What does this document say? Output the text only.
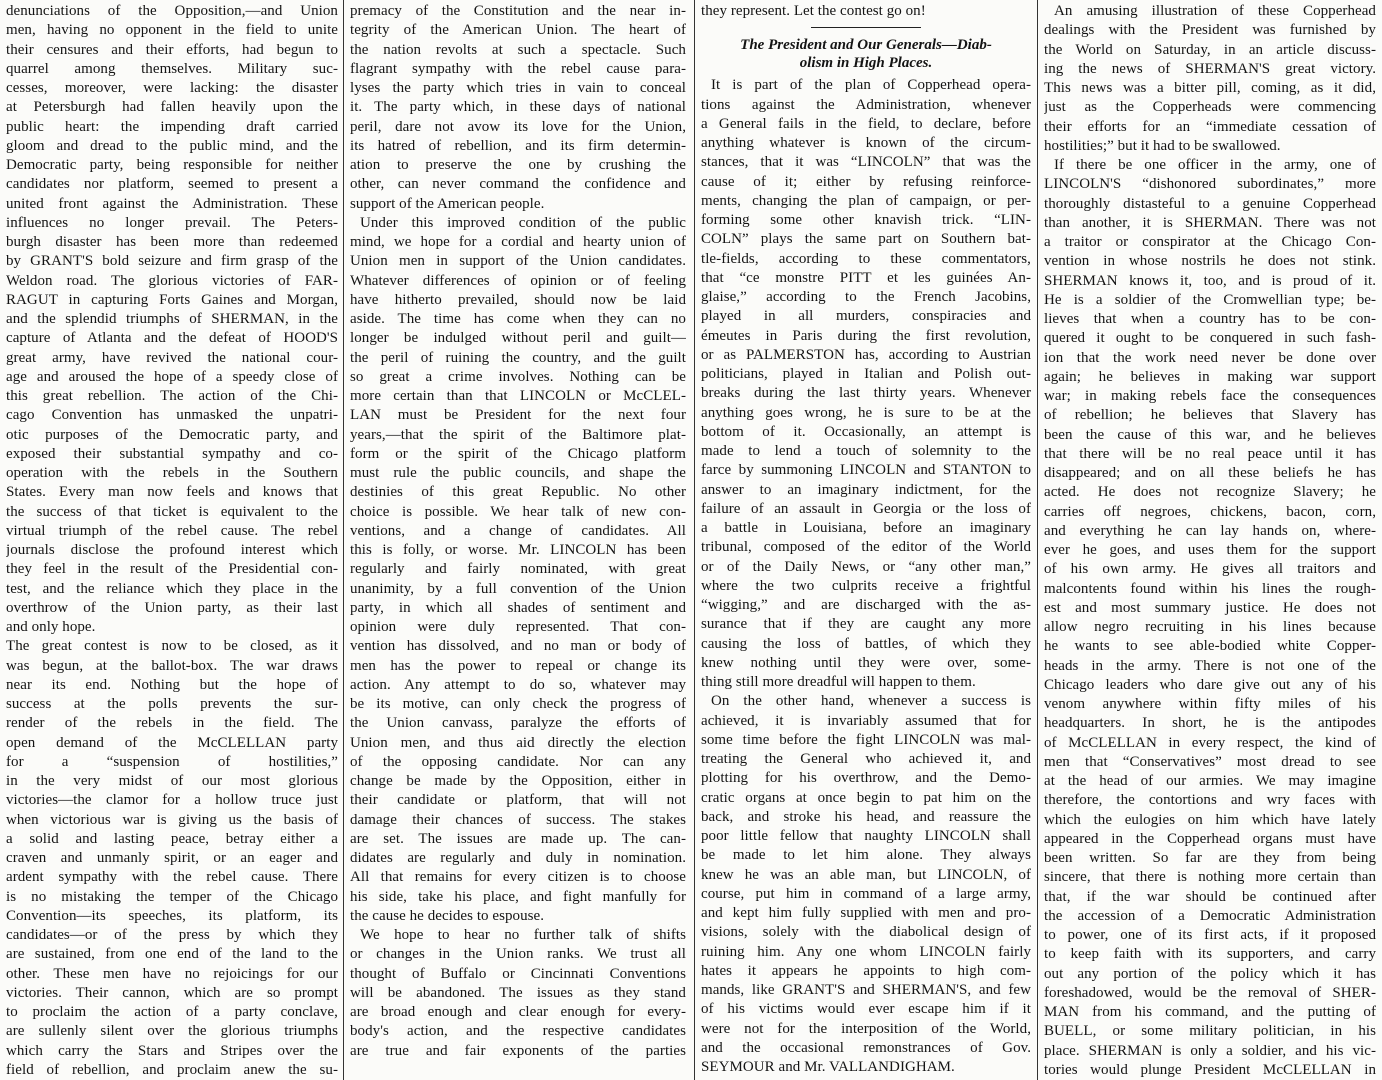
denunciations of the Opposition,—and Union
men, having no opponent in the field to unite
their censures and their efforts, had begun to
quarrel among themselves. Military suc-
cesses, moreover, were lacking: the disaster
at Petersburgh had fallen heavily upon the
public heart: the impending draft carried
gloom and dread to the public mind, and the
Democratic party, being responsible for neither
candidates nor platform, seemed to present a
united front against the Administration. These
influences no longer prevail. The Peters-
burgh disaster has been more than redeemed
by GRANT'S bold seizure and firm grasp of the
Weldon road. The glorious victories of FAR-
RAGUT in capturing Forts Gaines and Morgan,
and the splendid triumphs of SHERMAN, in the
capture of Atlanta and the defeat of HOOD'S
great army, have revived the national cour-
age and aroused the hope of a speedy close of
this great rebellion. The action of the Chi-
cago Convention has unmasked the unpatri-
otic purposes of the Democratic party, and
exposed their substantial sympathy and co-
operation with the rebels in the Southern
States. Every man now feels and knows that
the success of that ticket is equivalent to the
virtual triumph of the rebel cause. The rebel
journals disclose the profound interest which
they feel in the result of the Presidential con-
test, and the reliance which they place in the
overthrow of the Union party, as their last
and only hope.
The great contest is now to be closed, as it
was begun, at the ballot-box. The war draws
near its end. Nothing but the hope of
success at the polls prevents the sur-
render of the rebels in the field. The
open demand of the McCLELLAN party
for a “suspension of hostilities,”
in the very midst of our most glorious
victories—the clamor for a hollow truce just
when victorious war is giving us the basis of
a solid and lasting peace, betray either a
craven and unmanly spirit, or an eager and
ardent sympathy with the rebel cause. There
is no mistaking the temper of the Chicago
Convention—its speeches, its platform, its
candidates—or of the press by which they
are sustained, from one end of the land to the
other. These men have no rejoicings for our
victories. Their cannon, which are so prompt
to proclaim the action of a party conclave,
are sullenly silent over the glorious triumphs
which carry the Stars and Stripes over the
field of rebellion, and proclaim anew the su-
premacy of the Constitution and the near in-
tegrity of the American Union. The heart of
the nation revolts at such a spectacle. Such
flagrant sympathy with the rebel cause para-
lyses the party which tries in vain to conceal
it. The party which, in these days of national
peril, dare not avow its love for the Union,
its hatred of rebellion, and its firm determin-
ation to preserve the one by crushing the
other, can never command the confidence and
support of the American people.
Under this improved condition of the public
mind, we hope for a cordial and hearty union of
Union men in support of the Union candidates.
Whatever differences of opinion or of feeling
have hitherto prevailed, should now be laid
aside. The time has come when they can no
longer be indulged without peril and guilt—
the peril of ruining the country, and the guilt
so great a crime involves. Nothing can be
more certain than that LINCOLN or McCLEL-
LAN must be President for the next four
years,—that the spirit of the Baltimore plat-
form or the spirit of the Chicago platform
must rule the public councils, and shape the
destinies of this great Republic. No other
choice is possible. We hear talk of new con-
ventions, and a change of candidates. All
this is folly, or worse. Mr. LINCOLN has been
regularly and fairly nominated, with great
unanimity, by a full convention of the Union
party, in which all shades of sentiment and
opinion were duly represented. That con-
vention has dissolved, and no man or body of
men has the power to repeal or change its
action. Any attempt to do so, whatever may
be its motive, can only check the progress of
the Union canvass, paralyze the efforts of
Union men, and thus aid directly the election
of the opposing candidate. Nor can any
change be made by the Opposition, either in
their candidate or platform, that will not
damage their chances of success. The stakes
are set. The issues are made up. The can-
didates are regularly and duly in nomination.
All that remains for every citizen is to choose
his side, take his place, and fight manfully for
the cause he decides to espouse.
We hope to hear no further talk of shifts
or changes in the Union ranks. We trust all
thought of Buffalo or Cincinnati Conventions
will be abandoned. The issues as they stand
are broad enough and clear enough for every-
body's action, and the respective candidates
are true and fair exponents of the parties
they represent. Let the contest go on!
The President and Our Generals—Diab-
olism in High Places.
It is part of the plan of Copperhead opera-
tions against the Administration, whenever
a General fails in the field, to declare, before
anything whatever is known of the circum-
stances, that it was “LINCOLN” that was the
cause of it; either by refusing reinforce-
ments, changing the plan of campaign, or per-
forming some other knavish trick. “LIN-
COLN” plays the same part on Southern bat-
tle-fields, according to these commentators,
that “ce monstre PITT et les guinées An-
glaise,” according to the French Jacobins,
played in all murders, conspiracies and
émeutes in Paris during the first revolution,
or as PALMERSTON has, according to Austrian
politicians, played in Italian and Polish out-
breaks during the last thirty years. Whenever
anything goes wrong, he is sure to be at the
bottom of it. Occasionally, an attempt is
made to lend a touch of solemnity to the
farce by summoning LINCOLN and STANTON to
answer to an imaginary indictment, for the
failure of an assault in Georgia or the loss of
a battle in Louisiana, before an imaginary
tribunal, composed of the editor of the World
or of the Daily News, or “any other man,”
where the two culprits receive a frightful
“wigging,” and are discharged with the as-
surance that if they are caught any more
causing the loss of battles, of which they
knew nothing until they were over, some-
thing still more dreadful will happen to them.
On the other hand, whenever a success is
achieved, it is invariably assumed that for
some time before the fight LINCOLN was mal-
treating the General who achieved it, and
plotting for his overthrow, and the Demo-
cratic organs at once begin to pat him on the
back, and stroke his head, and reassure the
poor little fellow that naughty LINCOLN shall
be made to let him alone. They always
knew he was an able man, but LINCOLN, of
course, put him in command of a large army,
and kept him fully supplied with men and pro-
visions, solely with the diabolical design of
ruining him. Any one whom LINCOLN fairly
hates it appears he appoints to high com-
mands, like GRANT'S and SHERMAN'S, and few
of his victims would ever escape him if it
were not for the interposition of the World,
and the occasional remonstrances of Gov.
SEYMOUR and Mr. VALLANDIGHAM.
An amusing illustration of these Copperhead
dealings with the President was furnished by
the World on Saturday, in an article discuss-
ing the news of SHERMAN'S great victory.
This news was a bitter pill, coming, as it did,
just as the Copperheads were commencing
their efforts for an “immediate cessation of
hostilities;” but it had to be swallowed.
If there be one officer in the army, one of
LINCOLN'S “dishonored subordinates,” more
thoroughly distasteful to a genuine Copperhead
than another, it is SHERMAN. There was not
a traitor or conspirator at the Chicago Con-
vention in whose nostrils he does not stink.
SHERMAN knows it, too, and is proud of it.
He is a soldier of the Cromwellian type; be-
lieves that when a country has to be con-
quered it ought to be conquered in such fash-
ion that the work need never be done over
again; he believes in making war support
war; in making rebels face the consequences
of rebellion; he believes that Slavery has
been the cause of this war, and he believes
that there will be no real peace until it has
disappeared; and on all these beliefs he has
acted. He does not recognize Slavery; he
carries off negroes, chickens, bacon, corn,
and everything he can lay hands on, where-
ever he goes, and uses them for the support
of his own army. He gives all traitors and
malcontents found within his lines the rough-
est and most summary justice. He does not
allow negro recruiting in his lines because
he wants to see able-bodied white Copper-
heads in the army. There is not one of the
Chicago leaders who dare give out any of his
venom anywhere within fifty miles of his
headquarters. In short, he is the antipodes
of McCLELLAN in every respect, the kind of
men that “Conservatives” most dread to see
at the head of our armies. We may imagine
therefore, the contortions and wry faces with
which the eulogies on him which have lately
appeared in the Copperhead organs must have
been written. So far are they from being
sincere, that there is nothing more certain than
that, if the war should be continued after
the accession of a Democratic Administration
to power, one of its first acts, if it proposed
to keep faith with its supporters, and carry
out any portion of the policy which it has
foreshadowed, would be the removal of SHER-
MAN from his command, and the putting of
BUELL, or some military politician, in his
place. SHERMAN is only a soldier, and his vic-
tories would plunge President McCLELLAN in
